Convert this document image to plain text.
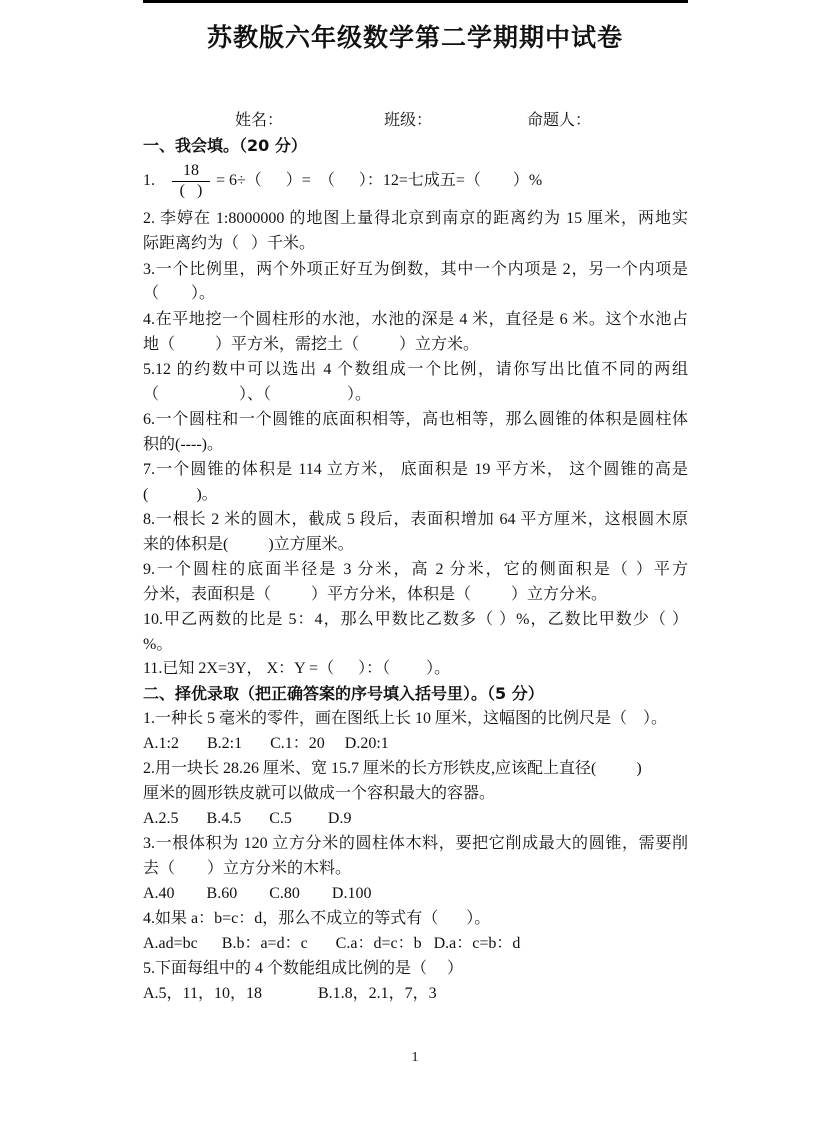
苏教版六年级数学第二学期期中试卷

姓名：

	班级：

	命题人：

一、我会填。（20 分）
1.
18
(   )
= 6÷（      ）=  （      ）：12=七成五=（        ）%
2. 李婷在 1:8000000 的地图上量得北京到南京的距离约为 15 厘米，两地实
际距离约为（   ）千米。
3.一个比例里，两个外项正好互为倒数，其中一个内项是 2，另一个内项是
（        ）。
4.在平地挖一个圆柱形的水池，水池的深是 4 米，直径是 6 米。这个水池占
地（          ）平方米，需挖土（          ）立方米。
5.12 的约数中可以选出 4 个数组成一个比例，请你写出比值不同的两组
（                    ）、（                   ）。
6.一个圆柱和一个圆锥的底面积相等，高也相等，那么圆锥的体积是圆柱体
积的(----)。
7.一个圆锥的体积是 114 立方米， 底面积是 19 平方米， 这个圆锥的高是
(            )。
8.一根长 2 米的圆木，截成 5 段后，表面积增加 64 平方厘米，这根圆木原
来的体积是(          )立方厘米。
9.一个圆柱的底面半径是 3 分米，高 2 分米，它的侧面积是（ ）平方
分米，表面积是（          ）平方分米，体积是（          ）立方分米。
10.甲乙两数的比是 5：4，那么甲数比乙数多（ ）%，乙数比甲数少（ ）
%。
11.已知 2X=3Y， X：Y =（      ）：（         ）。
二、择优录取（把正确答案的序号填入括号里）。（5 分）
1.一种长 5 毫米的零件，画在图纸上长 10 厘米，这幅图的比例尺是（    ）。
A.1:2       B.2:1       C.1：20     D.20:1
2.用一块长 28.26 厘米、宽 15.7 厘米的长方形铁皮,应该配上直径(          )
厘米的圆形铁皮就可以做成一个容积最大的容器。
A.2.5       B.4.5       C.5         D.9
3.一根体积为 120 立方分米的圆柱体木料，要把它削成最大的圆锥，需要削
去（        ）立方分米的木料。
A.40        B.60        C.80        D.100
4.如果 a：b=c：d，那么不成立的等式有（       ）。
A.ad=bc      B.b：a=d：c       C.a：d=c：b   D.a：c=b：d
5.下面每组中的 4 个数能组成比例的是（     ）
A.5，11，10，18              B.1.8，2.1，7，3
1
